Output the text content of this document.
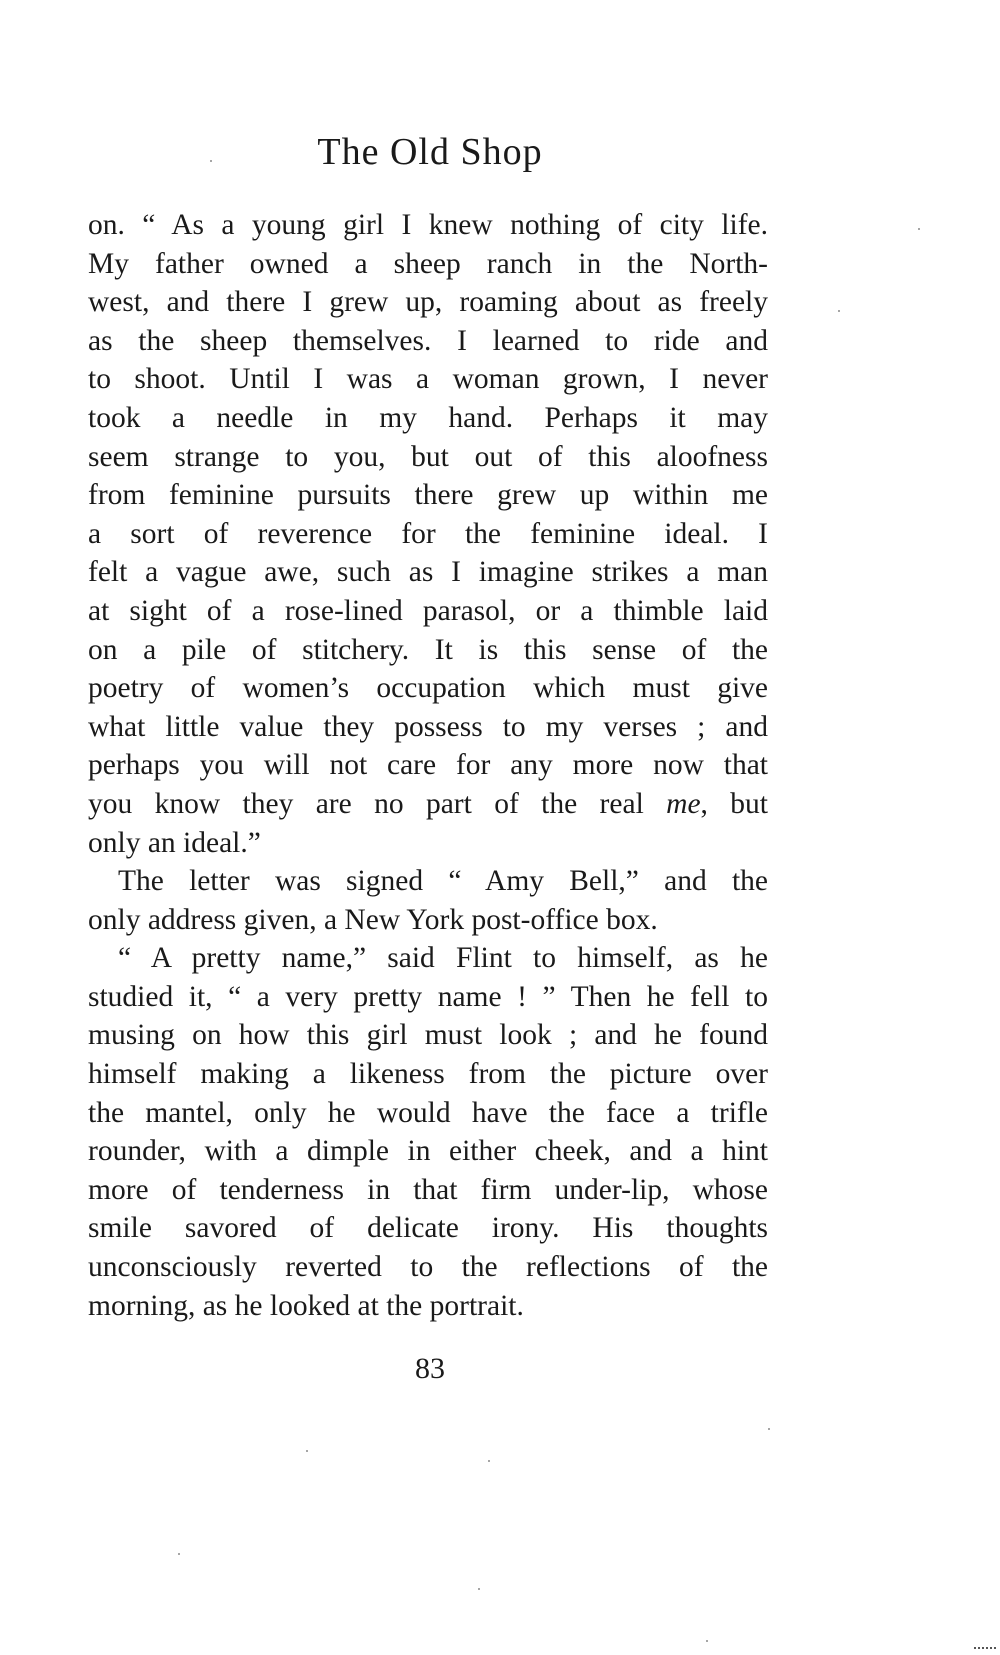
The Old Shop
on. “ As a young girl I knew nothing of city life.
My father owned a sheep ranch in the North-
west, and there I grew up, roaming about as freely
as the sheep themselves. I learned to ride and
to shoot. Until I was a woman grown, I never
took a needle in my hand. Perhaps it may
seem strange to you, but out of this aloofness
from feminine pursuits there grew up within me
a sort of reverence for the feminine ideal. I
felt a vague awe, such as I imagine strikes a man
at sight of a rose-lined parasol, or a thimble laid
on a pile of stitchery. It is this sense of the
poetry of women’s occupation which must give
what little value they possess to my verses ; and
perhaps you will not care for any more now that
you know they are no part of the real me, but
only an ideal.”
The letter was signed “ Amy Bell,” and the
only address given, a New York post-office box.
“ A pretty name,” said Flint to himself, as he
studied it, “ a very pretty name ! ” Then he fell to
musing on how this girl must look ; and he found
himself making a likeness from the picture over
the mantel, only he would have the face a trifle
rounder, with a dimple in either cheek, and a hint
more of tenderness in that firm under-lip, whose
smile savored of delicate irony. His thoughts
unconsciously reverted to the reflections of the
morning, as he looked at the portrait.
83
